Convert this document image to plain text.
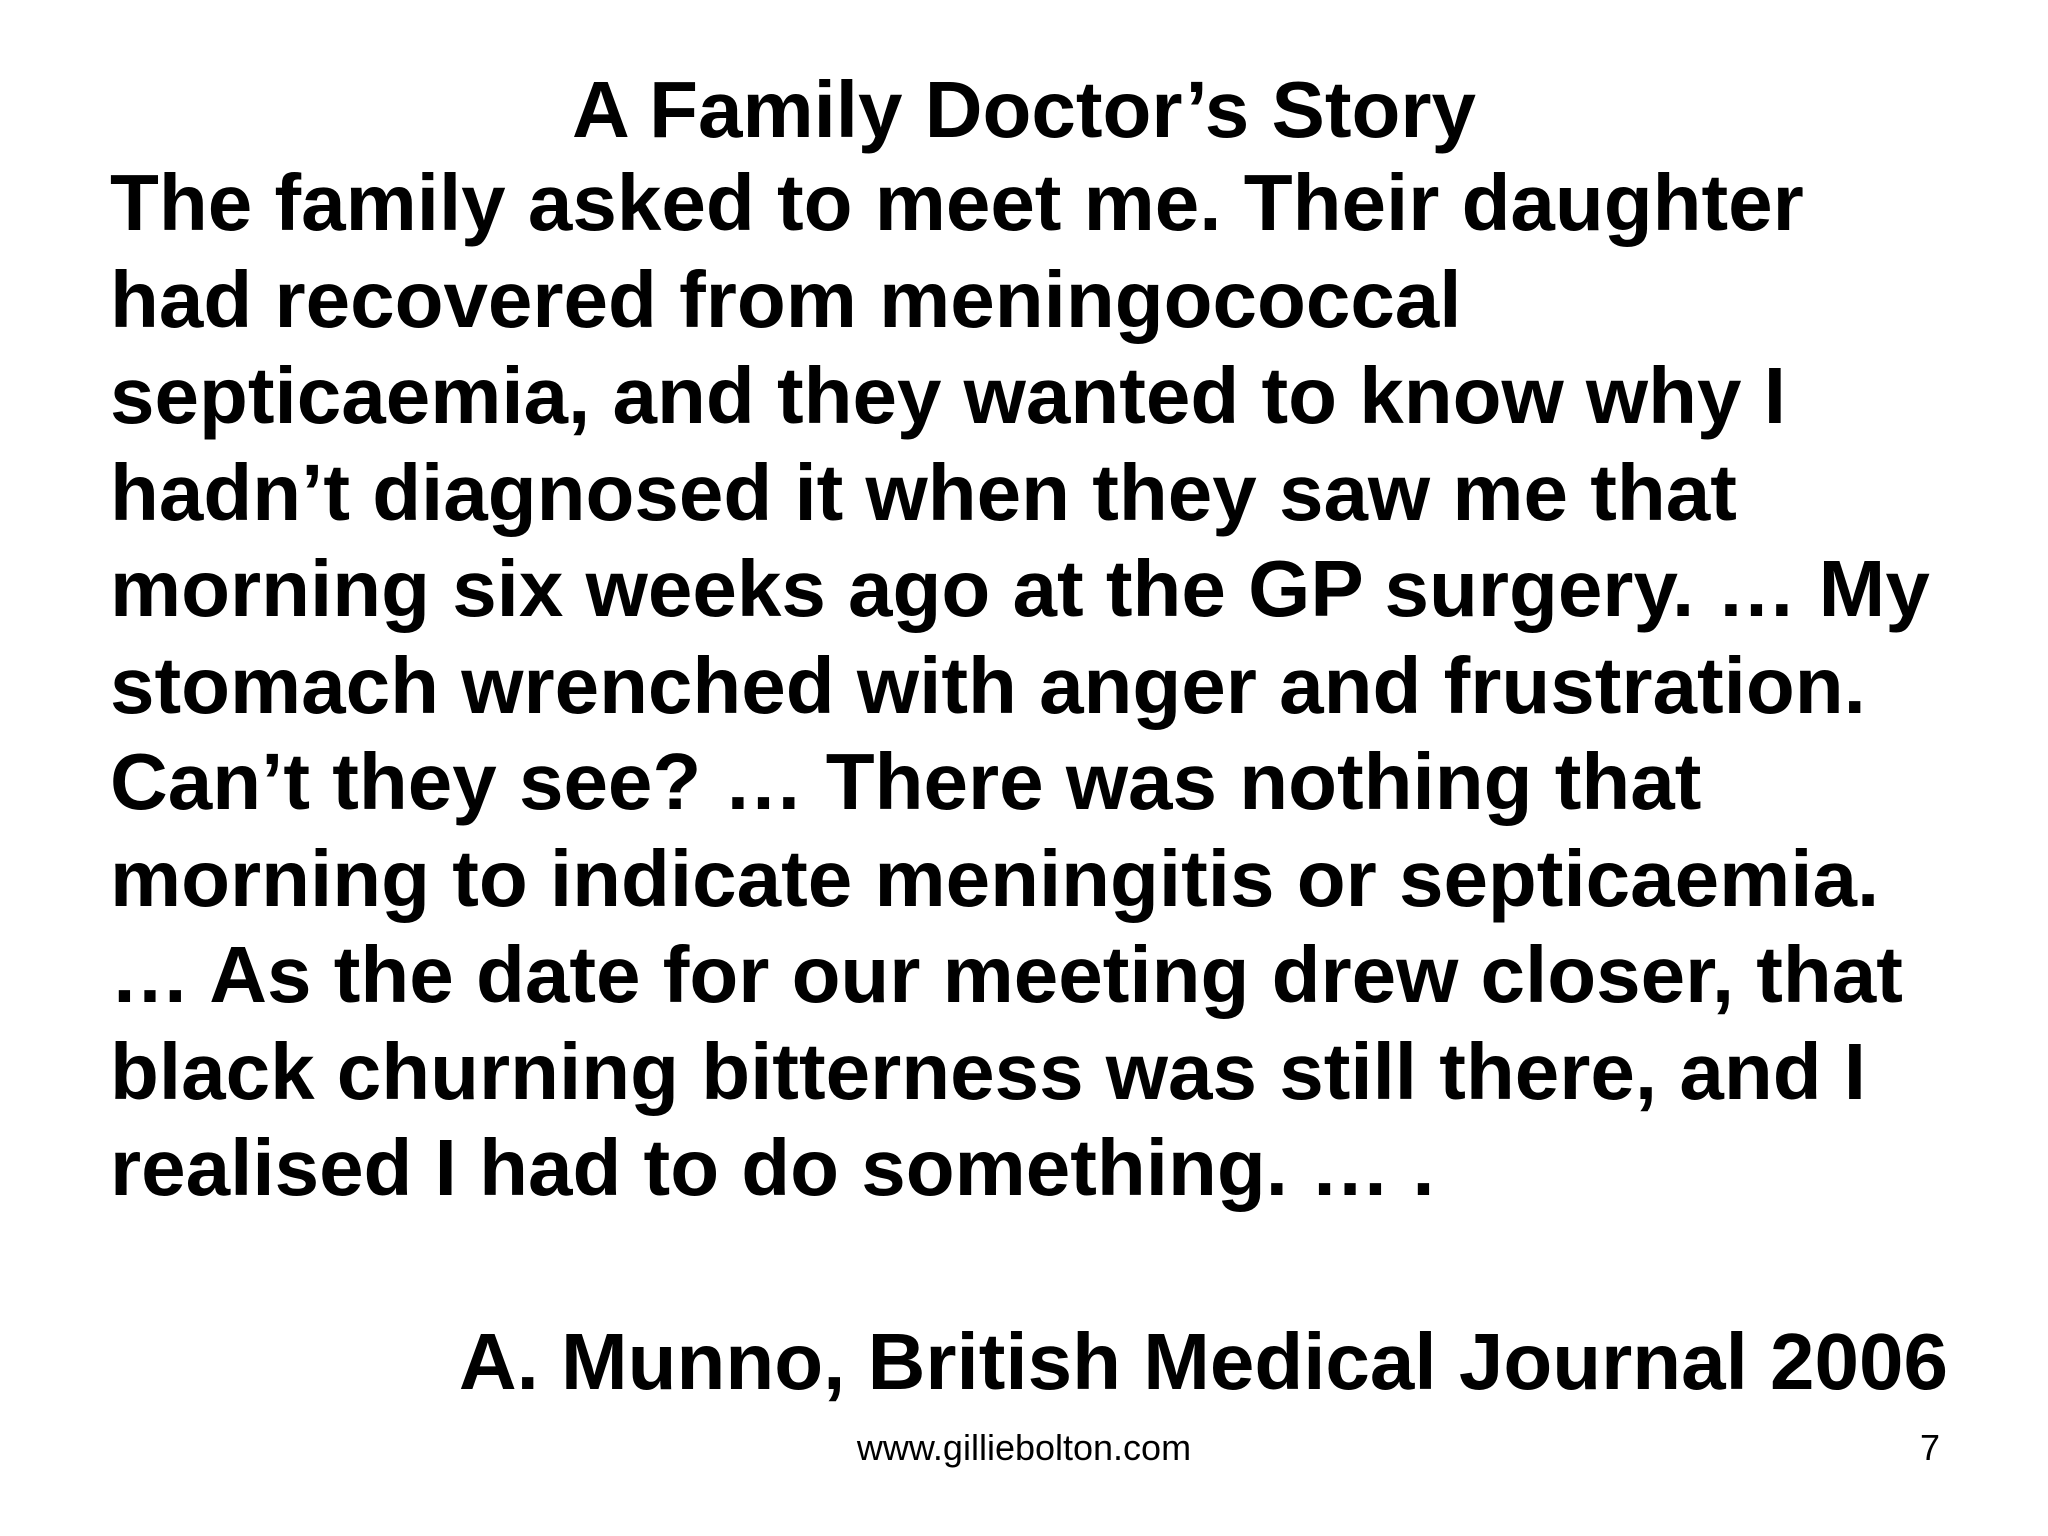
A Family Doctor’s Story
The family asked to meet me. Their daughter
had recovered from meningococcal
septicaemia, and they wanted to know why I
hadn’t diagnosed it when they saw me that
morning six weeks ago at the GP surgery. … My
stomach wrenched with anger and frustration.
Can’t they see? … There was nothing that
morning to indicate meningitis or septicaemia.
… As the date for our meeting drew closer, that
black churning bitterness was still there, and I
realised I had to do something. … .

A. Munno, British Medical Journal 2006

www.gilliebolton.com	7
